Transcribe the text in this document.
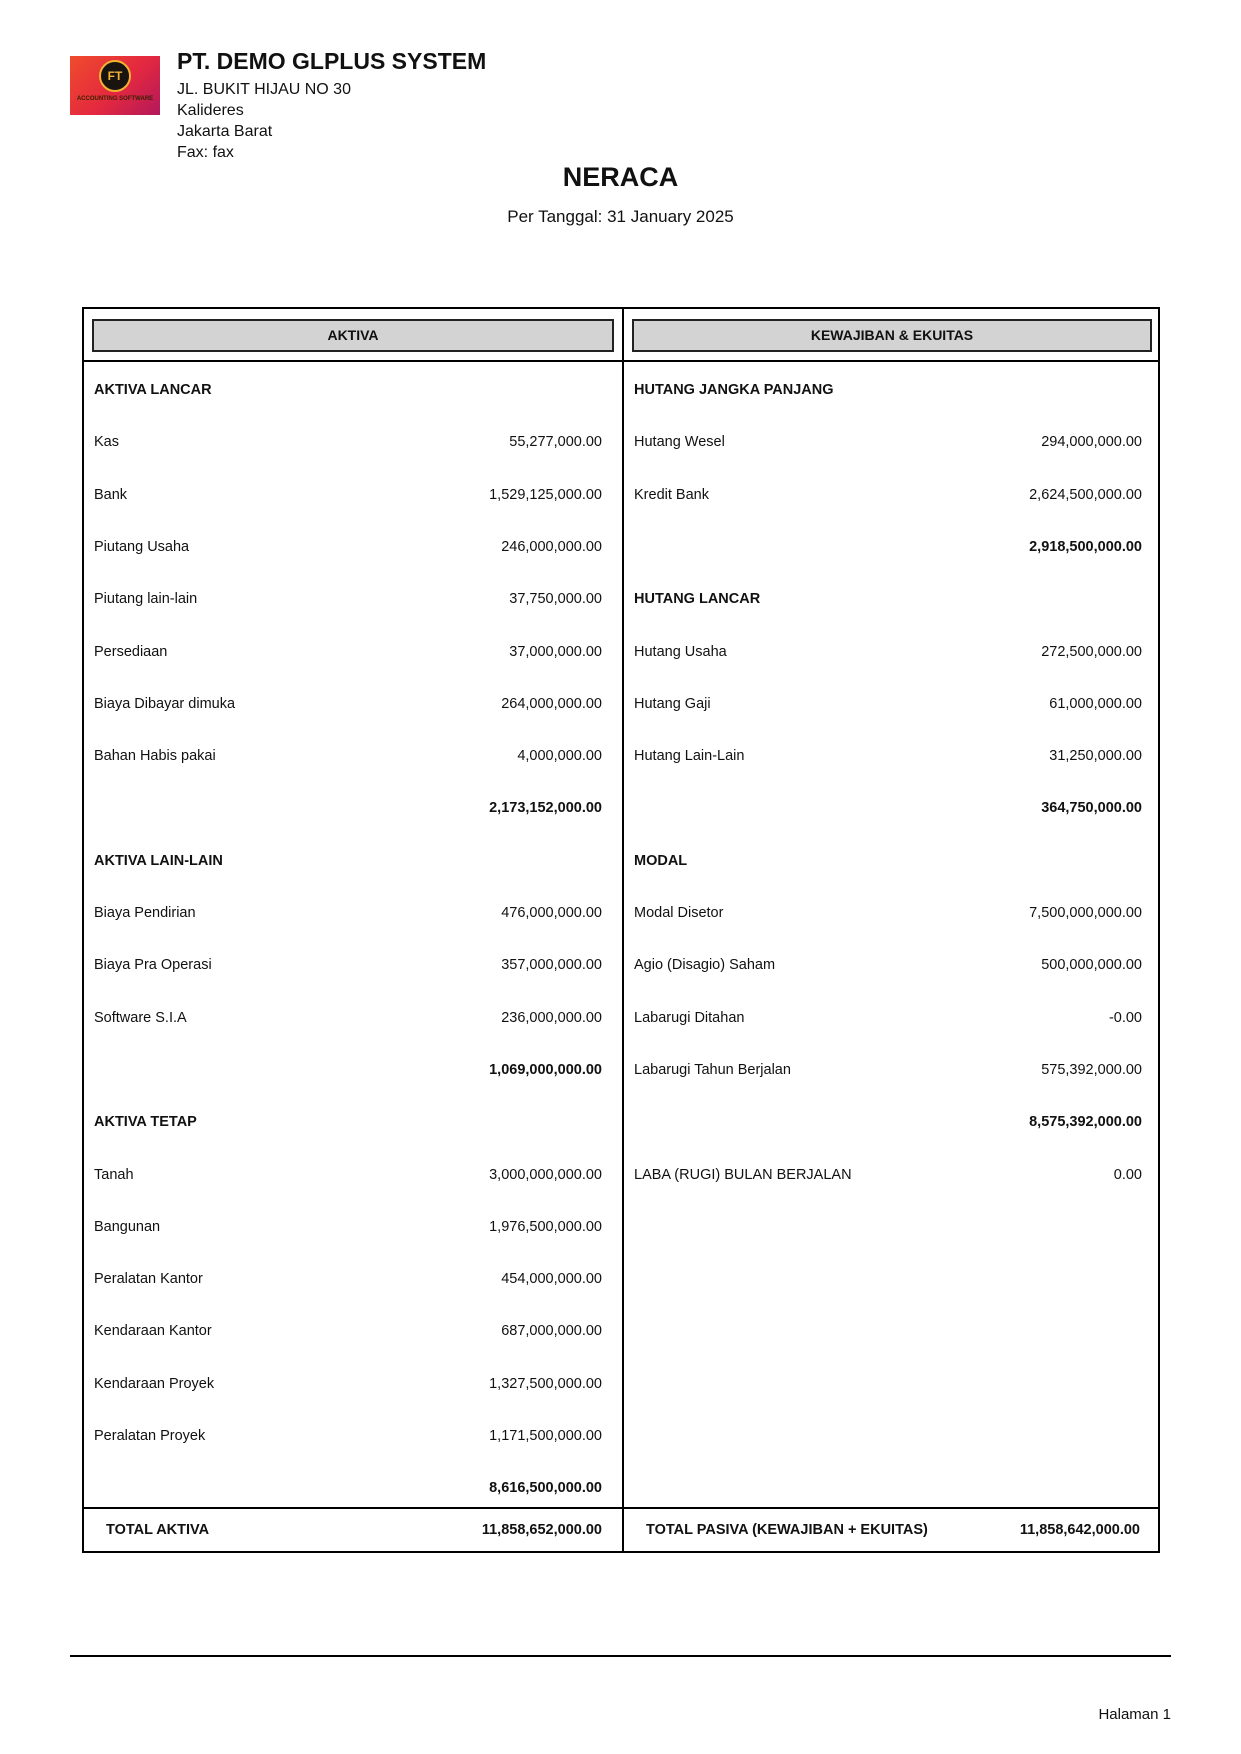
FT
ACCOUNTING SOFTWARE
PT. DEMO GLPLUS SYSTEM
JL. BUKIT HIJAU NO 30
Kalideres
Jakarta Barat
Fax: fax
NERACA
Per Tanggal: 31 January 2025
AKTIVA	KEWAJIBAN & EKUITAS
AKTIVA LANCAR
Kas	55,277,000.00
Bank	1,529,125,000.00
Piutang Usaha	246,000,000.00
Piutang lain-lain	37,750,000.00
Persediaan	37,000,000.00
Biaya Dibayar dimuka	264,000,000.00
Bahan Habis pakai	4,000,000.00
2,173,152,000.00
AKTIVA LAIN-LAIN
Biaya Pendirian	476,000,000.00
Biaya Pra Operasi	357,000,000.00
Software S.I.A	236,000,000.00
1,069,000,000.00
AKTIVA TETAP
Tanah	3,000,000,000.00
Bangunan	1,976,500,000.00
Peralatan Kantor	454,000,000.00
Kendaraan Kantor	687,000,000.00
Kendaraan Proyek	1,327,500,000.00
Peralatan Proyek	1,171,500,000.00
8,616,500,000.00
HUTANG JANGKA PANJANG
Hutang Wesel	294,000,000.00
Kredit Bank	2,624,500,000.00
2,918,500,000.00
HUTANG LANCAR
Hutang Usaha	272,500,000.00
Hutang Gaji	61,000,000.00
Hutang Lain-Lain	31,250,000.00
364,750,000.00
MODAL
Modal Disetor	7,500,000,000.00
Agio (Disagio) Saham	500,000,000.00
Labarugi Ditahan	-0.00
Labarugi Tahun Berjalan	575,392,000.00
8,575,392,000.00
LABA (RUGI) BULAN BERJALAN	0.00
TOTAL AKTIVA	11,858,652,000.00	TOTAL PASIVA (KEWAJIBAN + EKUITAS)	11,858,642,000.00
Halaman 1
